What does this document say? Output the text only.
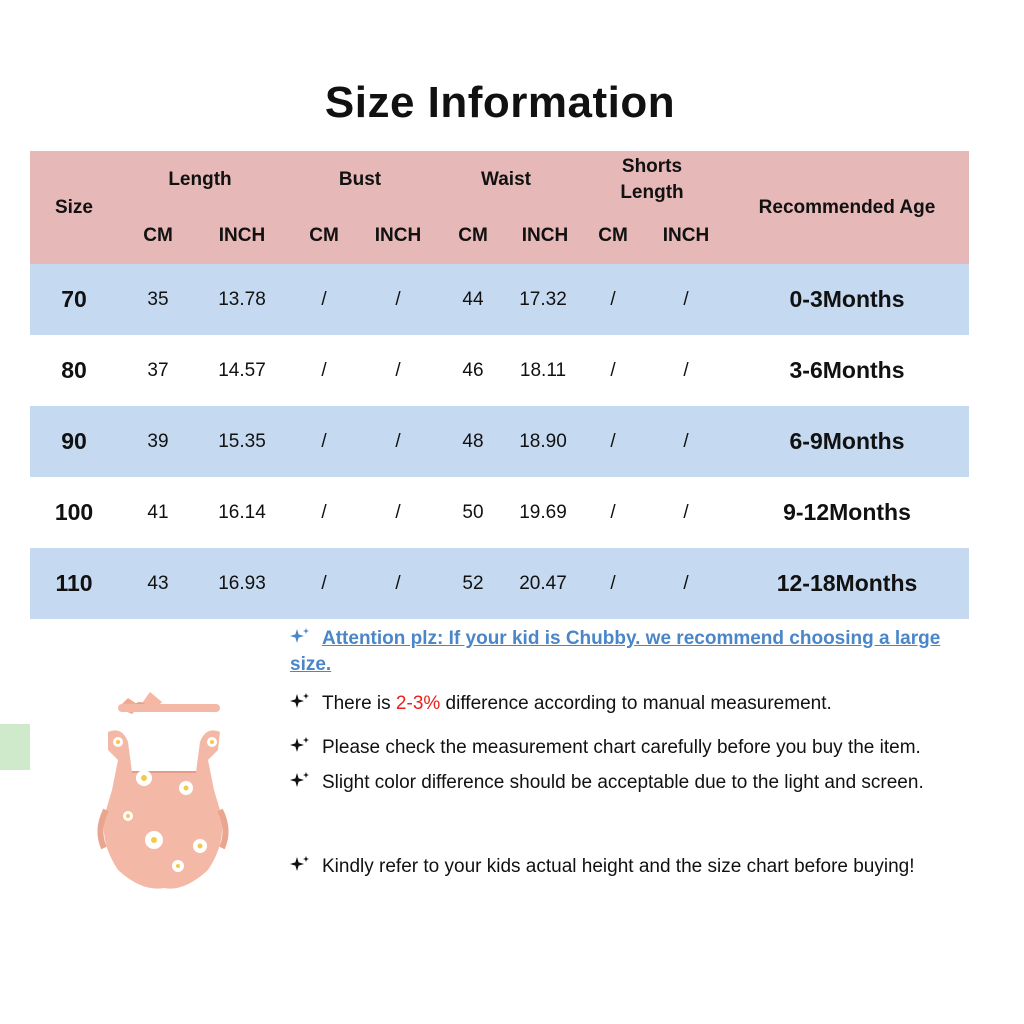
Size Information
Size
Length	Bust	Waist
Shorts
Length
Recommended Age
CM	INCH	CM	INCH	CM	INCH	CM	INCH
70	35	13.78	/	/	44	17.32	/	/	0-3Months
80	37	14.57	/	/	46	18.11	/	/	3-6Months
90	39	15.35	/	/	48	18.90	/	/	6-9Months
100	41	16.14	/	/	50	19.69	/	/	9-12Months
110	43	16.93	/	/	52	20.47	/	/	12-18Months
Attention plz: If your kid is Chubby. we recommend choosing a large size.
There is 2-3% difference according to manual measurement.
Please check the measurement chart carefully before you buy the item.
Slight color difference should be acceptable due to the light and screen.
Kindly refer to your kids actual height and the size chart before buying!
